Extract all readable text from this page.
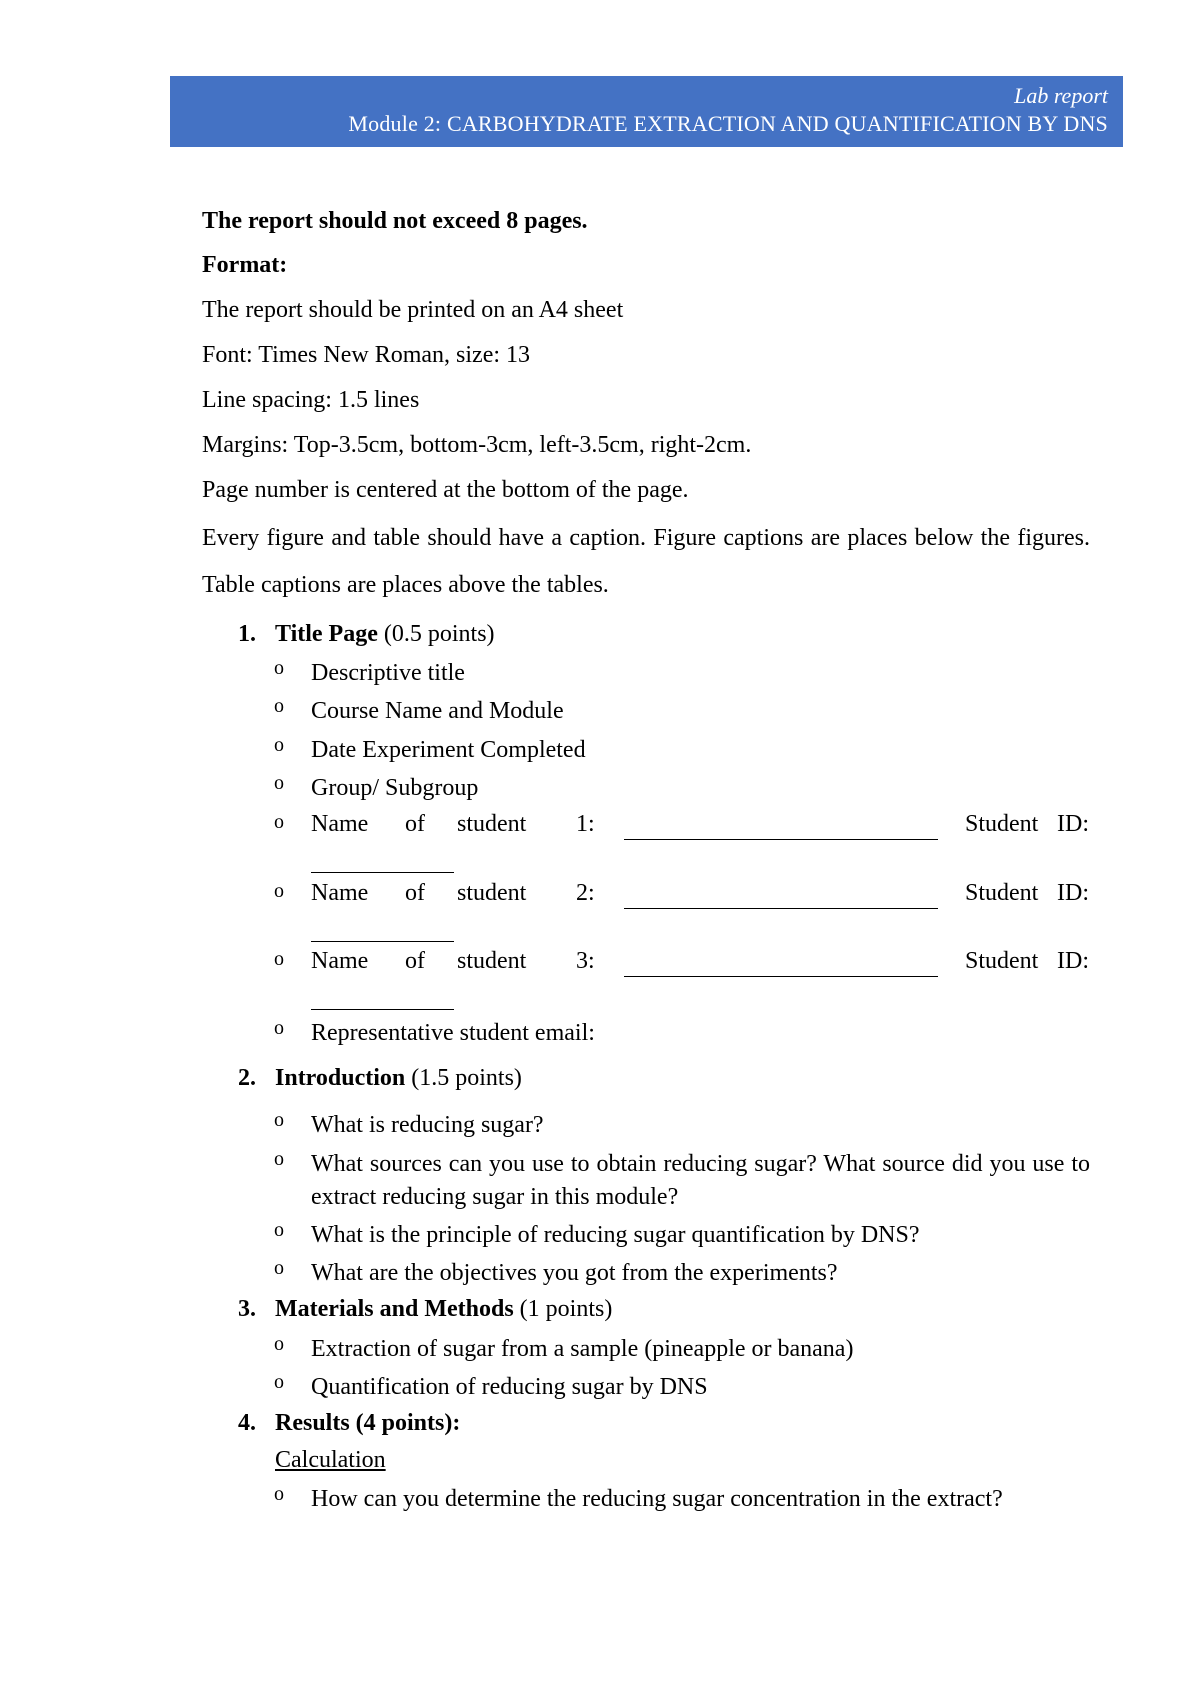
Lab report
Module 2: CARBOHYDRATE EXTRACTION AND QUANTIFICATION BY DNS
The report should not exceed 8 pages.
Format:
The report should be printed on an A4 sheet
Font: Times New Roman, size: 13
Line spacing: 1.5 lines
Margins: Top-3.5cm, bottom-3cm, left-3.5cm, right-2cm.
Page number is centered at the bottom of the page.
Every figure and table should have a caption. Figure captions are places below the figures. Table captions are places above the tables.
1. Title Page (0.5 points)
o Descriptive title
o Course Name and Module
o Date Experiment Completed
o Group/ Subgroup
o Name of student 1:	Student ID:
o Name of student 2:	Student ID:
o Name of student 3:	Student ID:
o Representative student email:
2. Introduction (1.5 points)
o What is reducing sugar?
o What sources can you use to obtain reducing sugar? What source did you use to extract reducing sugar in this module?
o What is the principle of reducing sugar quantification by DNS?
o What are the objectives you got from the experiments?
3. Materials and Methods (1 points)
o Extraction of sugar from a sample (pineapple or banana)
o Quantification of reducing sugar by DNS
4. Results (4 points):
Calculation
o How can you determine the reducing sugar concentration in the extract?
